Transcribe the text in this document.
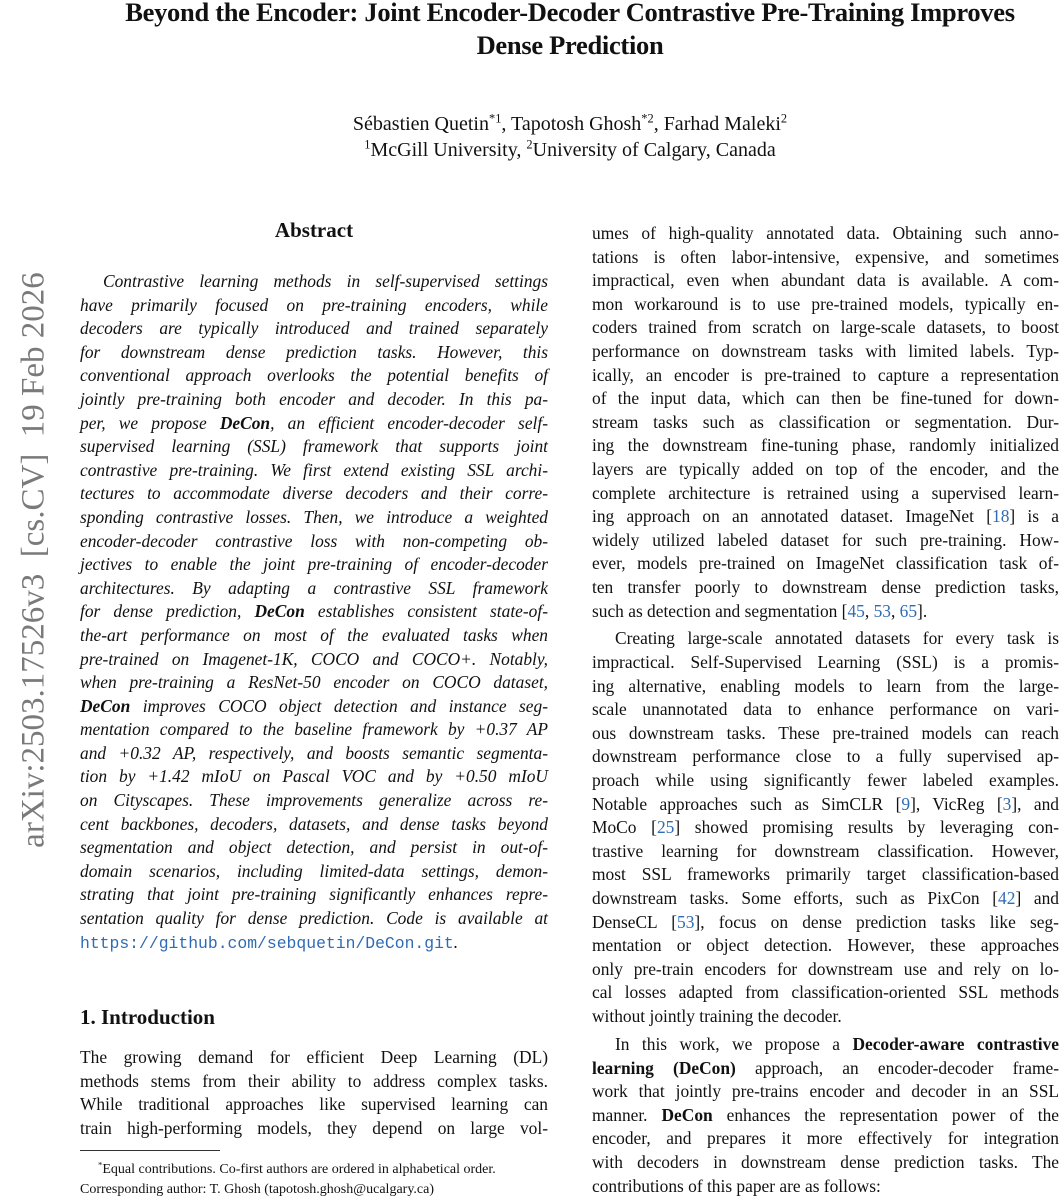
Beyond the Encoder: Joint Encoder-Decoder Contrastive Pre-Training Improves
Dense Prediction
Sébastien Quetin$^{*1}$, Tapotosh Ghosh$^{*2}$, Farhad Maleki$^2$
$^1$McGill University, $^2$University of Calgary, Canada
arXiv:2503.17526v3  [cs.CV]  19 Feb 2026
Abstract
Contrastive learning methods in self-supervised settings
have primarily focused on pre-training encoders, while
decoders are typically introduced and trained separately
for downstream dense prediction tasks. However, this
conventional approach overlooks the potential benefits of
jointly pre-training both encoder and decoder. In this pa-
per, we propose DeCon, an efficient encoder-decoder self-
supervised learning (SSL) framework that supports joint
contrastive pre-training. We first extend existing SSL archi-
tectures to accommodate diverse decoders and their corre-
sponding contrastive losses. Then, we introduce a weighted
encoder-decoder contrastive loss with non-competing ob-
jectives to enable the joint pre-training of encoder-decoder
architectures. By adapting a contrastive SSL framework
for dense prediction, DeCon establishes consistent state-of-
the-art performance on most of the evaluated tasks when
pre-trained on Imagenet-1K, COCO and COCO+. Notably,
when pre-training a ResNet-50 encoder on COCO dataset,
DeCon improves COCO object detection and instance seg-
mentation compared to the baseline framework by +0.37 AP
and +0.32 AP, respectively, and boosts semantic segmenta-
tion by +1.42 mIoU on Pascal VOC and by +0.50 mIoU
on Cityscapes. These improvements generalize across re-
cent backbones, decoders, datasets, and dense tasks beyond
segmentation and object detection, and persist in out-of-
domain scenarios, including limited-data settings, demon-
strating that joint pre-training significantly enhances repre-
sentation quality for dense prediction. Code is available at
https://github.com/sebquetin/DeCon.git.
1. Introduction
The growing demand for efficient Deep Learning (DL)
methods stems from their ability to address complex tasks.
While traditional approaches like supervised learning can
train high-performing models, they depend on large vol-
*Equal contributions. Co-first authors are ordered in alphabetical order.
Corresponding author: T. Ghosh (tapotosh.ghosh@ucalgary.ca)
umes of high-quality annotated data. Obtaining such anno-
tations is often labor-intensive, expensive, and sometimes
impractical, even when abundant data is available. A com-
mon workaround is to use pre-trained models, typically en-
coders trained from scratch on large-scale datasets, to boost
performance on downstream tasks with limited labels. Typ-
ically, an encoder is pre-trained to capture a representation
of the input data, which can then be fine-tuned for down-
stream tasks such as classification or segmentation. Dur-
ing the downstream fine-tuning phase, randomly initialized
layers are typically added on top of the encoder, and the
complete architecture is retrained using a supervised learn-
ing approach on an annotated dataset. ImageNet [18] is a
widely utilized labeled dataset for such pre-training. How-
ever, models pre-trained on ImageNet classification task of-
ten transfer poorly to downstream dense prediction tasks,
such as detection and segmentation [45, 53, 65].
Creating large-scale annotated datasets for every task is
impractical. Self-Supervised Learning (SSL) is a promis-
ing alternative, enabling models to learn from the large-
scale unannotated data to enhance performance on vari-
ous downstream tasks. These pre-trained models can reach
downstream performance close to a fully supervised ap-
proach while using significantly fewer labeled examples.
Notable approaches such as SimCLR [9], VicReg [3], and
MoCo [25] showed promising results by leveraging con-
trastive learning for downstream classification. However,
most SSL frameworks primarily target classification-based
downstream tasks. Some efforts, such as PixCon [42] and
DenseCL [53], focus on dense prediction tasks like seg-
mentation or object detection. However, these approaches
only pre-train encoders for downstream use and rely on lo-
cal losses adapted from classification-oriented SSL methods
without jointly training the decoder.
In this work, we propose a Decoder-aware contrastive
learning (DeCon) approach, an encoder-decoder frame-
work that jointly pre-trains encoder and decoder in an SSL
manner. DeCon enhances the representation power of the
encoder, and prepares it more effectively for integration
with decoders in downstream dense prediction tasks. The
contributions of this paper are as follows:
